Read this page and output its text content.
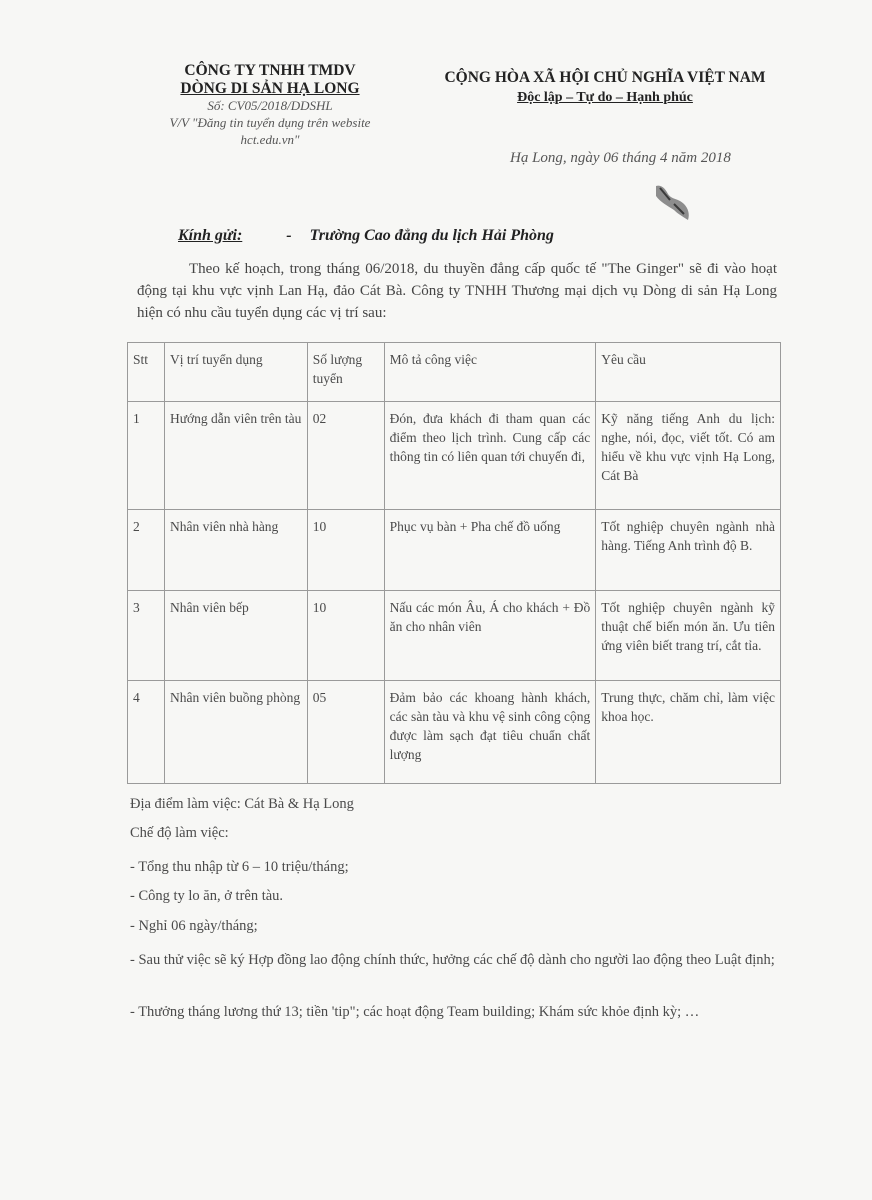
CÔNG TY TNHH TMDV
DÒNG DI SẢN HẠ LONG
Số: CV05/2018/DDSHL
V/V "Đăng tin tuyển dụng trên website
hct.edu.vn"
CỘNG HÒA XÃ HỘI CHỦ NGHĨA VIỆT NAM
Độc lập – Tự do – Hạnh phúc
Hạ Long, ngày 06 tháng 4 năm 2018
Kính gửi:	- Trường Cao đẳng du lịch Hải Phòng
Theo kế hoạch, trong tháng 06/2018, du thuyền đẳng cấp quốc tế "The Ginger" sẽ đi vào hoạt động tại khu vực vịnh Lan Hạ, đảo Cát Bà. Công ty TNHH Thương mại dịch vụ Dòng di sản Hạ Long hiện có nhu cầu tuyển dụng các vị trí sau:
Stt	Vị trí tuyển dụng	Số lượng tuyển	Mô tả công việc	Yêu cầu
1	Hướng dẫn viên trên tàu	02	Đón, đưa khách đi tham quan các điểm theo lịch trình. Cung cấp các thông tin có liên quan tới chuyến đi,	Kỹ năng tiếng Anh du lịch: nghe, nói, đọc, viết tốt. Có am hiểu về khu vực vịnh Hạ Long, Cát Bà
2	Nhân viên nhà hàng	10	Phục vụ bàn + Pha chế đồ uống	Tốt nghiệp chuyên ngành nhà hàng. Tiếng Anh trình độ B.
3	Nhân viên bếp	10	Nấu các món Âu, Á cho khách + Đồ ăn cho nhân viên	Tốt nghiệp chuyên ngành kỹ thuật chế biến món ăn. Ưu tiên ứng viên biết trang trí, cắt tỉa.
4	Nhân viên buồng phòng	05	Đảm bảo các khoang hành khách, các sàn tàu và khu vệ sinh công cộng được làm sạch đạt tiêu chuẩn chất lượng	Trung thực, chăm chỉ, làm việc khoa học.
Địa điểm làm việc: Cát Bà & Hạ Long
Chế độ làm việc:
- Tổng thu nhập từ 6 – 10 triệu/tháng;
- Công ty lo ăn, ở trên tàu.
- Nghỉ 06 ngày/tháng;
- Sau thử việc sẽ ký Hợp đồng lao động chính thức, hưởng các chế độ dành cho người lao động theo Luật định;
- Thưởng tháng lương thứ 13; tiền 'tip"; các hoạt động Team building; Khám sức khỏe định kỳ; …
